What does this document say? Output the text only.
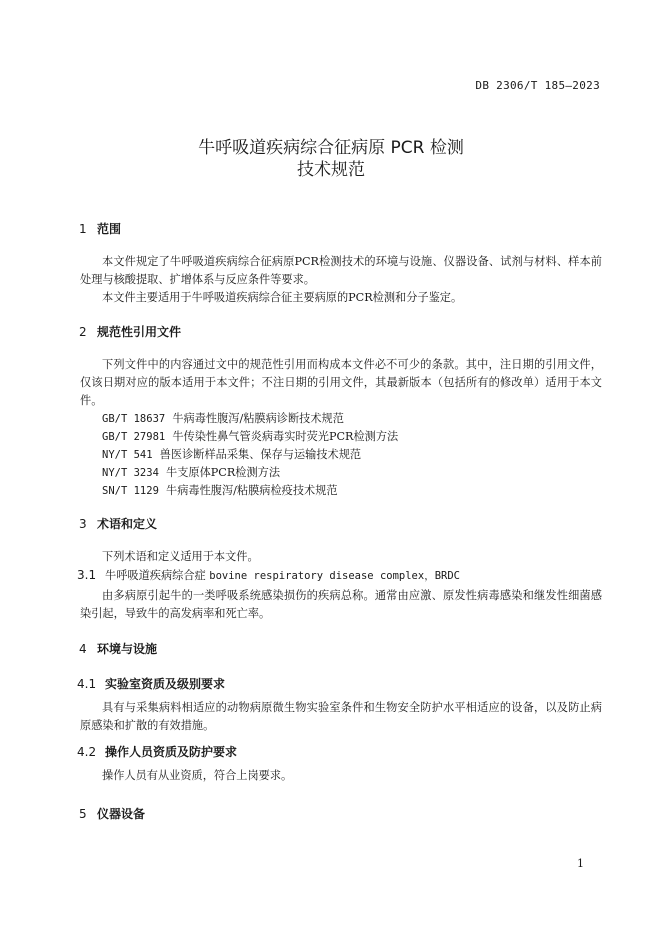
DB 2306/T 185—2023
牛呼吸道疾病综合征病原 PCR 检测
技术规范
1 范围
本文件规定了牛呼吸道疾病综合征病原PCR检测技术的环境与设施、仪器设备、试剂与材料、样本前处理与核酸提取、扩增体系与反应条件等要求。
本文件主要适用于牛呼吸道疾病综合征主要病原的PCR检测和分子鉴定。
2 规范性引用文件
下列文件中的内容通过文中的规范性引用而构成本文件必不可少的条款。其中，注日期的引用文件，仅该日期对应的版本适用于本文件；不注日期的引用文件，其最新版本（包括所有的修改单）适用于本文件。
GB/T 18637 牛病毒性腹泻/粘膜病诊断技术规范
GB/T 27981 牛传染性鼻气管炎病毒实时荧光PCR检测方法
NY/T 541 兽医诊断样品采集、保存与运输技术规范
NY/T 3234 牛支原体PCR检测方法
SN/T 1129 牛病毒性腹泻/粘膜病检疫技术规范
3 术语和定义
下列术语和定义适用于本文件。
3.1 牛呼吸道疾病综合症 bovine respiratory disease complex，BRDC
由多病原引起牛的一类呼吸系统感染损伤的疾病总称。通常由应激、原发性病毒感染和继发性细菌感染引起，导致牛的高发病率和死亡率。
4 环境与设施
4.1 实验室资质及级别要求
具有与采集病料相适应的动物病原微生物实验室条件和生物安全防护水平相适应的设备，以及防止病原感染和扩散的有效措施。
4.2 操作人员资质及防护要求
操作人员有从业资质，符合上岗要求。
5 仪器设备
1
